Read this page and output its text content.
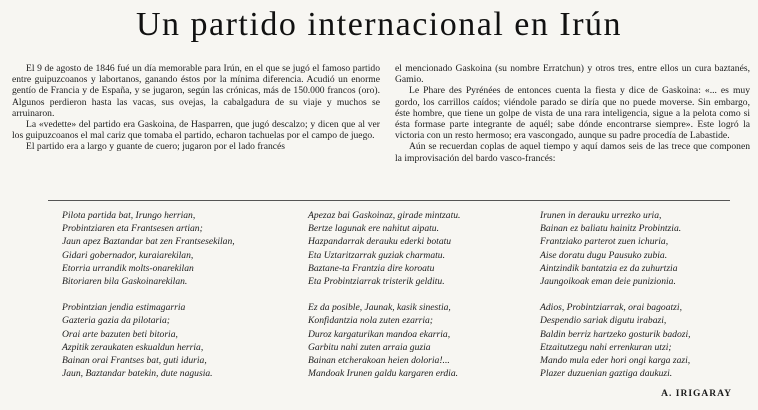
Un partido internacional en Irún

El 9 de agosto de 1846 fué un día memorable para Irún, en el que se jugó el famoso partido entre guipuzcoanos y labortanos, ganando éstos por la mínima diferencia. Acudió un enorme gentío de Francia y de España, y se jugaron, según las crónicas, más de 150.000 francos (oro). Algunos perdieron hasta las vacas, sus ovejas, la cabalgadura de su viaje y muchos se arruinaron.

La «vedette» del partido era Gaskoina, de Hasparren, que jugó descalzo; y dicen que al ver los guipuzcoanos el mal cariz que tomaba el partido, echaron tachuelas por el campo de juego.

El partido era a largo y guante de cuero; jugaron por el lado francés

el mencionado Gaskoina (su nombre Erratchun) y otros tres, entre ellos un cura baztanés, Gamio.

Le Phare des Pyrénées de entonces cuenta la fiesta y dice de Gaskoina: «... es muy gordo, los carrillos caídos; viéndole parado se diría que no puede moverse. Sin embargo, éste hombre, que tiene un golpe de vista de una rara inteligencia, sigue a la pelota como si ésta formase parte integrante de aquél; sabe dónde encontrarse siempre». Este logró la victoria con un resto hermoso; era vascongado, aunque su padre procedía de Labastide.

Aún se recuerdan coplas de aquel tiempo y aquí damos seis de las trece que componen la improvisación del bardo vasco-francés:

Pilota partida bat, Irungo herrian,
Probintziaren eta Frantsesen artian;
Jaun apez Baztandar bat zen Frantsesekilan,
Gidari gobernador, kuraiarekilan,
Etorria urrandik molts-onarekilan
Bitoriaren bila Gaskoinarekilan.
Probintzian jendia estimagarria
Gazteria gazia da pilotaria;
Orai arte bazuten beti bitoria,
Azpitik zeraukaten eskualdun herria,
Bainan orai Frantses bat, guti iduria,
Jaun, Baztandar batekin, dute nagusia.
Apezaz bai Gaskoinaz, girade mintzatu.
Bertze lagunak ere nahitut aipatu.
Hazpandarrak derauku ederki botatu
Eta Uztaritzarrak guziak charmatu.
Baztane-ta Frantzia dire koroatu
Eta Probintziarrak tristerik gelditu.
Ez da posible, Jaunak, kasik sinestia,
Konfidantzia nola zuten ezarria;
Duroz kargaturikan mandoa ekarria,
Garbitu nahi zuten arraia guzia
Bainan etcherakoan heien doloria!...
Mandoak Irunen galdu kargaren erdia.
Irunen in derauku urrezko uria,
Bainan ez baliatu hainitz Probintzia.
Frantziako parterot zuen ichuria,
Aise doratu dugu Pausuko zubia.
Aintzindik bantatzia ez da zuhurtzia
Jaungoikoak eman deie punizionia.
Adios, Probintziarrak, orai bagoatzi,
Despendio sariak digutu irabazi,
Baldin berriz hartzeko gosturik badozi,
Etzaitutzegu nahi errenkuran utzi;
Mando mula eder hori ongi karga zazi,
Plazer duzuenian gaztiga daukuzi.
A. IRIGARAY
